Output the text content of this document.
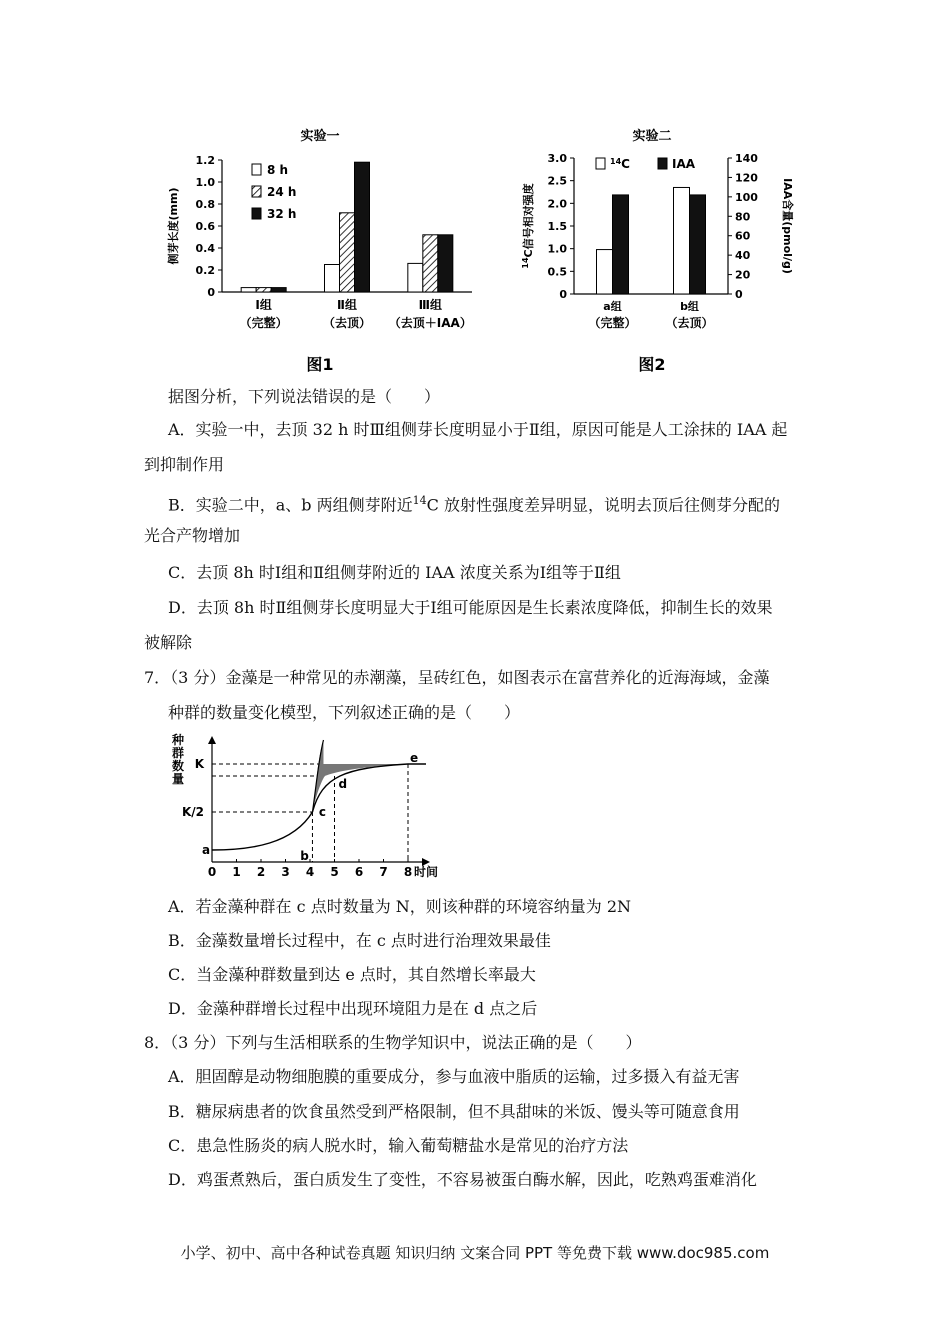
实验一
0
0.2
0.4
0.6
0.8
1.0
1.2
侧芽长度(mm)
Ⅰ组
（完整）
Ⅱ组
（去顶）
Ⅲ组
（去顶＋IAA）
8 h
24 h
32 h
图1
实验二
0
0.5
1.0
1.5
2.0
2.5
3.0
0
20
40
60
80
100
120
140
$^{14}$C信号相对强度	IAA含量(pmol/g)
a组
（完整）
b组
（去顶）
$^{14}$C	IAA
图2
据图分析，下列说法错误的是（　　）
A．实验一中，去顶 32 h 时Ⅲ组侧芽长度明显小于Ⅱ组，原因可能是人工涂抹的 IAA 起
到抑制作用
B．实验二中，a、b 两组侧芽附近$^{14}$C 放射性强度差异明显，说明去顶后往侧芽分配的
光合产物增加
C．去顶 8h 时Ⅰ组和Ⅱ组侧芽附近的 IAA 浓度关系为Ⅰ组等于Ⅱ组
D．去顶 8h 时Ⅱ组侧芽长度明显大于Ⅰ组可能原因是生长素浓度降低，抑制生长的效果
被解除
7．（3 分）金藻是一种常见的赤潮藻，呈砖红色，如图表示在富营养化的近海海域，金藻
种群的数量变化模型，下列叙述正确的是（　　）
0 1 2 3 4 5 6 7 8 时间
种群数量
K
K/2
a	b
c
d
e
A．若金藻种群在 c 点时数量为 N，则该种群的环境容纳量为 2N
B．金藻数量增长过程中，在 c 点时进行治理效果最佳
C．当金藻种群数量到达 e 点时，其自然增长率最大
D．金藻种群增长过程中出现环境阻力是在 d 点之后
8．（3 分）下列与生活相联系的生物学知识中，说法正确的是（　　）
A．胆固醇是动物细胞膜的重要成分，参与血液中脂质的运输，过多摄入有益无害
B．糖尿病患者的饮食虽然受到严格限制，但不具甜味的米饭、馒头等可随意食用
C．患急性肠炎的病人脱水时，输入葡萄糖盐水是常见的治疗方法
D．鸡蛋煮熟后，蛋白质发生了变性，不容易被蛋白酶水解，因此，吃熟鸡蛋难消化
小学、初中、高中各种试卷真题 知识归纳 文案合同 PPT 等免费下载 www.doc985.com
